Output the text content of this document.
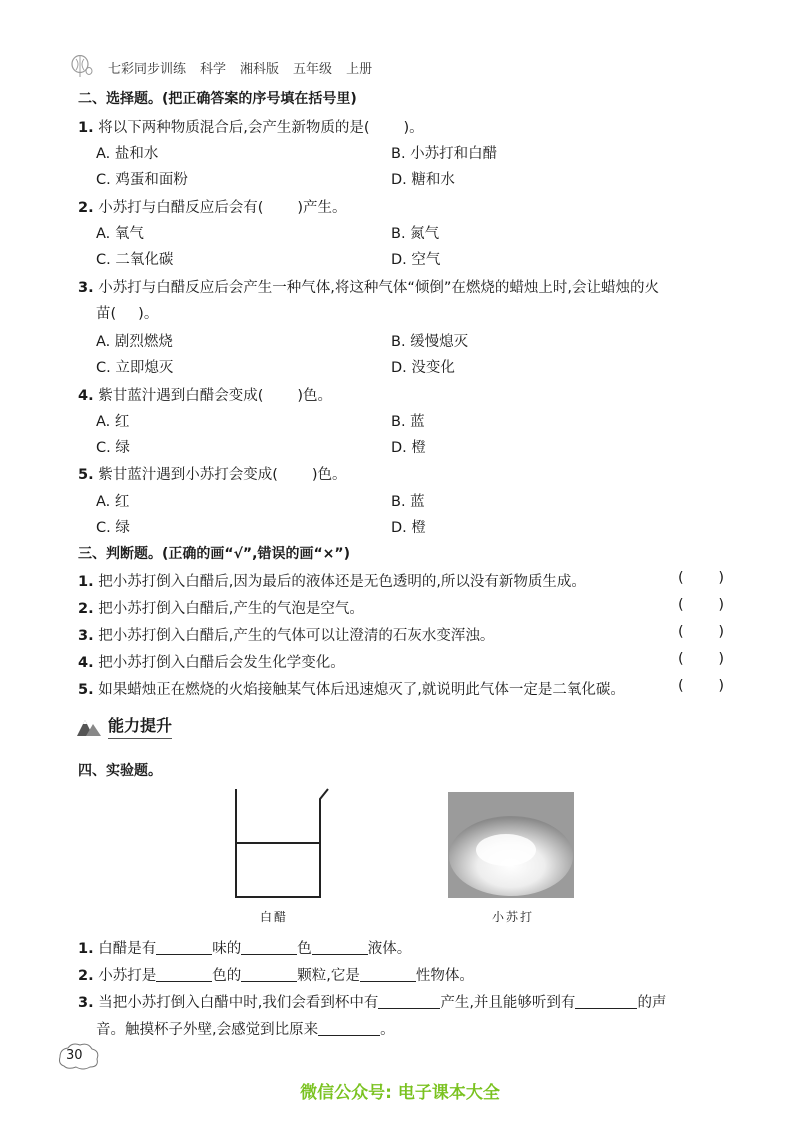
七彩同步训练 科学 湘科版 五年级 上册
二、选择题。(把正确答案的序号填在括号里)
1. 将以下两种物质混合后,会产生新物质的是( )。
A. 盐和水	B. 小苏打和白醋
C. 鸡蛋和面粉	D. 糖和水
2. 小苏打与白醋反应后会有( )产生。
A. 氧气	B. 氮气
C. 二氧化碳	D. 空气
3. 小苏打与白醋反应后会产生一种气体,将这种气体“倾倒”在燃烧的蜡烛上时,会让蜡烛的火
苗( )。
A. 剧烈燃烧	B. 缓慢熄灭
C. 立即熄灭	D. 没变化
4. 紫甘蓝汁遇到白醋会变成( )色。
A. 红	B. 蓝
C. 绿	D. 橙
5. 紫甘蓝汁遇到小苏打会变成( )色。
A. 红	B. 蓝
C. 绿	D. 橙
三、判断题。(正确的画“√”,错误的画“×”)
1. 把小苏打倒入白醋后,因为最后的液体还是无色透明的,所以没有新物质生成。	( )
2. 把小苏打倒入白醋后,产生的气泡是空气。	( )
3. 把小苏打倒入白醋后,产生的气体可以让澄清的石灰水变浑浊。	( )
4. 把小苏打倒入白醋后会发生化学变化。	( )
5. 如果蜡烛正在燃烧的火焰接触某气体后迅速熄灭了,就说明此气体一定是二氧化碳。	( )
能力提升
四、实验题。
白醋	小苏打
1. 白醋是有	味的	色	液体。
2. 小苏打是	色的	颗粒,它是	性物体。
3. 当把小苏打倒入白醋中时,我们会看到杯中有	产生,并且能够听到有	的声
音。触摸杯子外壁,会感觉到比原来	。
30
微信公众号: 电子课本大全
